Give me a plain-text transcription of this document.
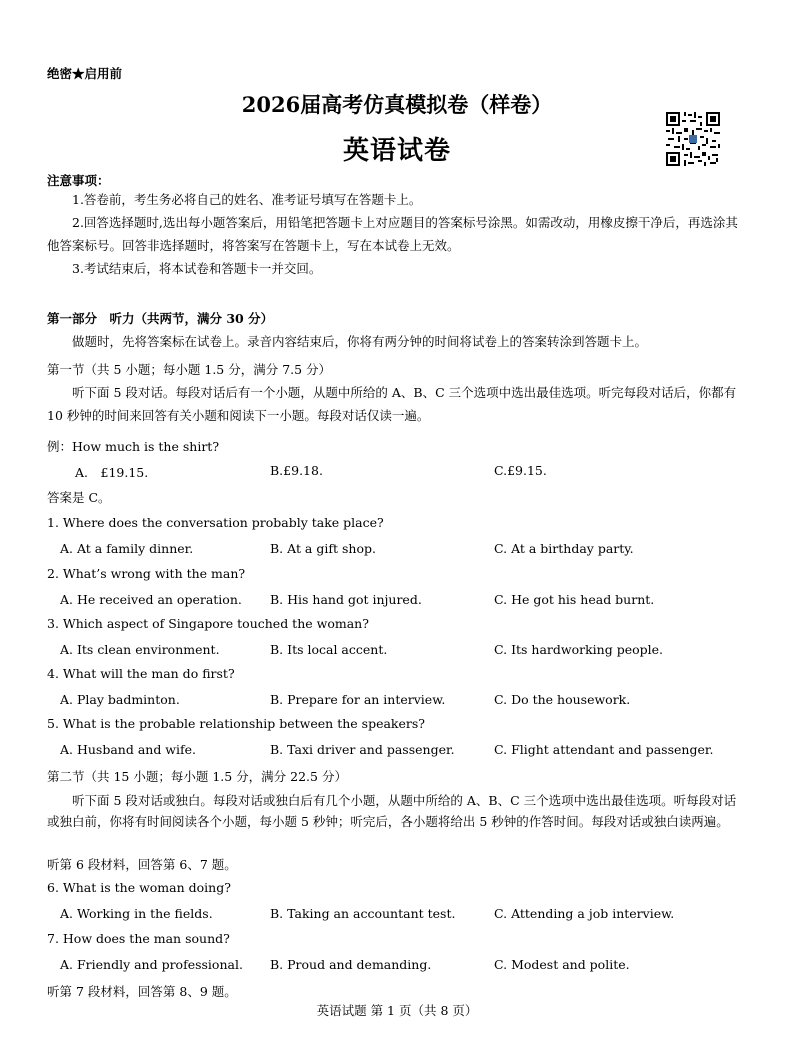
绝密★启用前
2026届高考仿真模拟卷（样卷）
英语试卷
注意事项：
1.答卷前，考生务必将自己的姓名、准考证号填写在答题卡上。
2.回答选择题时,选出每小题答案后，用铅笔把答题卡上对应题目的答案标号涂黑。如需改动，用橡皮擦干净后，再选涂其他答案标号。回答非选择题时，将答案写在答题卡上，写在本试卷上无效。
3.考试结束后，将本试卷和答题卡一并交回。
第一部分　听力（共两节，满分 30 分）
做题时，先将答案标在试卷上。录音内容结束后，你将有两分钟的时间将试卷上的答案转涂到答题卡上。
第一节（共 5 小题；每小题 1.5 分，满分 7.5 分）
听下面 5 段对话。每段对话后有一个小题，从题中所给的 A、B、C 三个选项中选出最佳选项。听完每段对话后，你都有 10 秒钟的时间来回答有关小题和阅读下一小题。每段对话仅读一遍。
例：How much is the shirt?
A.　£19.15.	B.£9.18.	C.£9.15.
答案是 C。
1. Where does the conversation probably take place?
A. At a family dinner.	B. At a gift shop.	C. At a birthday party.
2. What’s wrong with the man?
A. He received an operation. B. His hand got injured.	C. He got his head burnt.
3. Which aspect of Singapore touched the woman?
A. Its clean environment.	B. Its local accent.	C. Its hardworking people.
4. What will the man do first?
A. Play badminton.	B. Prepare for an interview.	C. Do the housework.
5. What is the probable relationship between the speakers?
A. Husband and wife.	B. Taxi driver and passenger.	C. Flight attendant and passenger.
第二节（共 15 小题；每小题 1.5 分，满分 22.5 分）
听下面 5 段对话或独白。每段对话或独白后有几个小题，从题中所给的 A、B、C 三个选项中选出最佳选项。听每段对话或独白前，你将有时间阅读各个小题，每小题 5 秒钟；听完后，各小题将给出 5 秒钟的作答时间。每段对话或独白读两遍。
听第 6 段材料，回答第 6、7 题。
6. What is the woman doing?
A. Working in the fields.	B. Taking an accountant test.	C. Attending a job interview.
7. How does the man sound?
A. Friendly and professional. B. Proud and demanding.	C. Modest and polite.
听第 7 段材料，回答第 8、9 题。
英语试题 第 1 页（共 8 页）
